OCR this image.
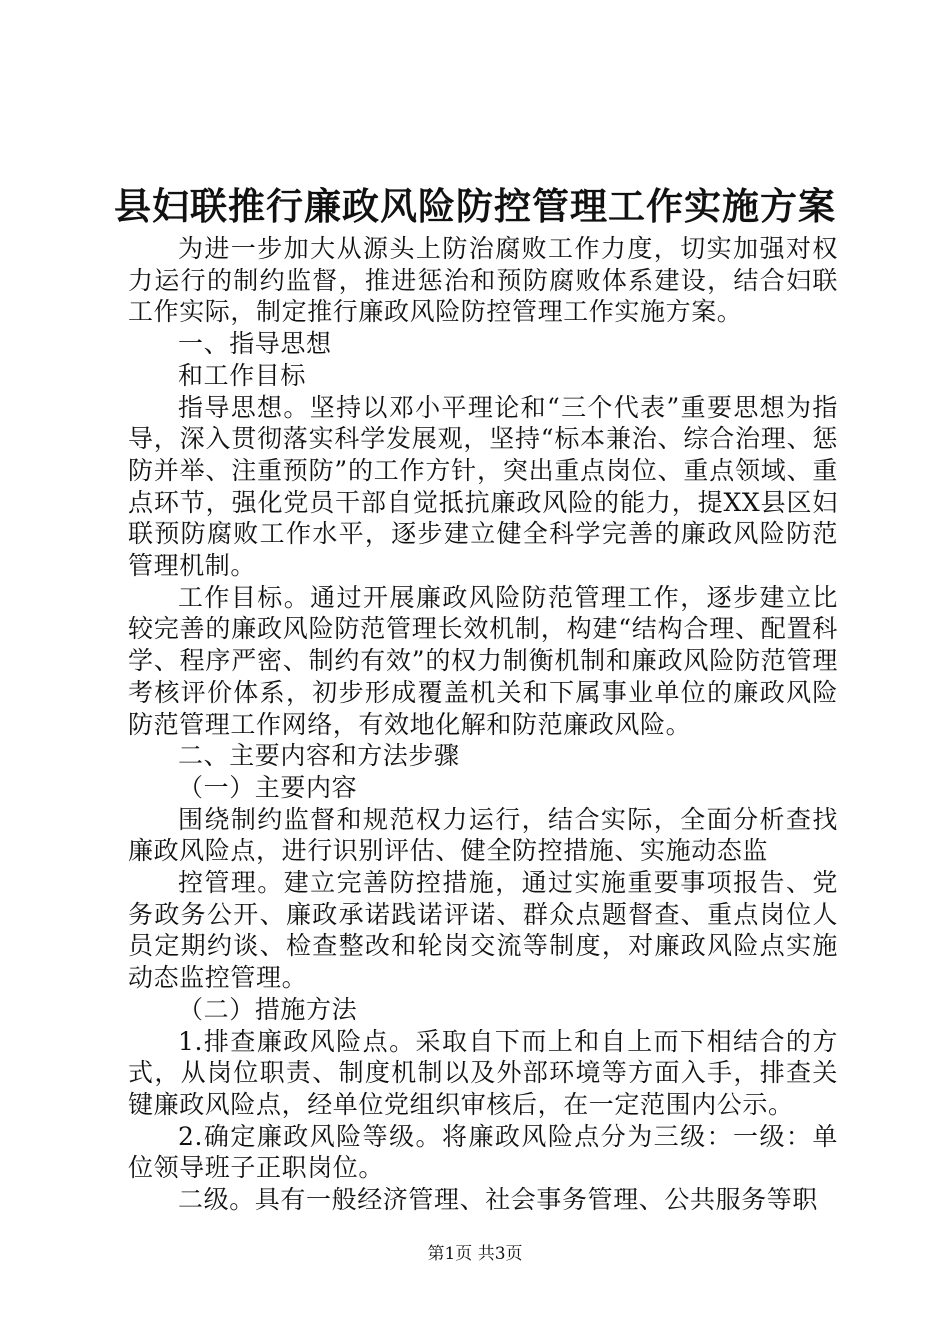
县妇联推行廉政风险防控管理工作实施方案

为进一步加大从源头上防治腐败工作力度，切实加强对权力运行的制约监督，推进惩治和预防腐败体系建设，结合妇联工作实际，制定推行廉政风险防控管理工作实施方案。

一、指导思想

和工作目标

指导思想。坚持以邓小平理论和“三个代表”重要思想为指导，深入贯彻落实科学发展观，坚持“标本兼治、综合治理、惩防并举、注重预防”的工作方针，突出重点岗位、重点领域、重点环节，强化党员干部自觉抵抗廉政风险的能力，提XX县区妇联预防腐败工作水平，逐步建立健全科学完善的廉政风险防范管理机制。

工作目标。通过开展廉政风险防范管理工作，逐步建立比较完善的廉政风险防范管理长效机制，构建“结构合理、配置科学、程序严密、制约有效”的权力制衡机制和廉政风险防范管理考核评价体系，初步形成覆盖机关和下属事业单位的廉政风险防范管理工作网络，有效地化解和防范廉政风险。

二、主要内容和方法步骤

（一）主要内容

围绕制约监督和规范权力运行，结合实际，全面分析查找廉政风险点，进行识别评估、健全防控措施、实施动态监

控管理。建立完善防控措施，通过实施重要事项报告、党务政务公开、廉政承诺践诺评诺、群众点题督查、重点岗位人员定期约谈、检查整改和轮岗交流等制度，对廉政风险点实施动态监控管理。

（二）措施方法

1.排查廉政风险点。采取自下而上和自上而下相结合的方式，从岗位职责、制度机制以及外部环境等方面入手，排查关键廉政风险点，经单位党组织审核后，在一定范围内公示。

2.确定廉政风险等级。将廉政风险点分为三级：一级：单位领导班子正职岗位。

二级。具有一般经济管理、社会事务管理、公共服务等职

第1页 共3页
